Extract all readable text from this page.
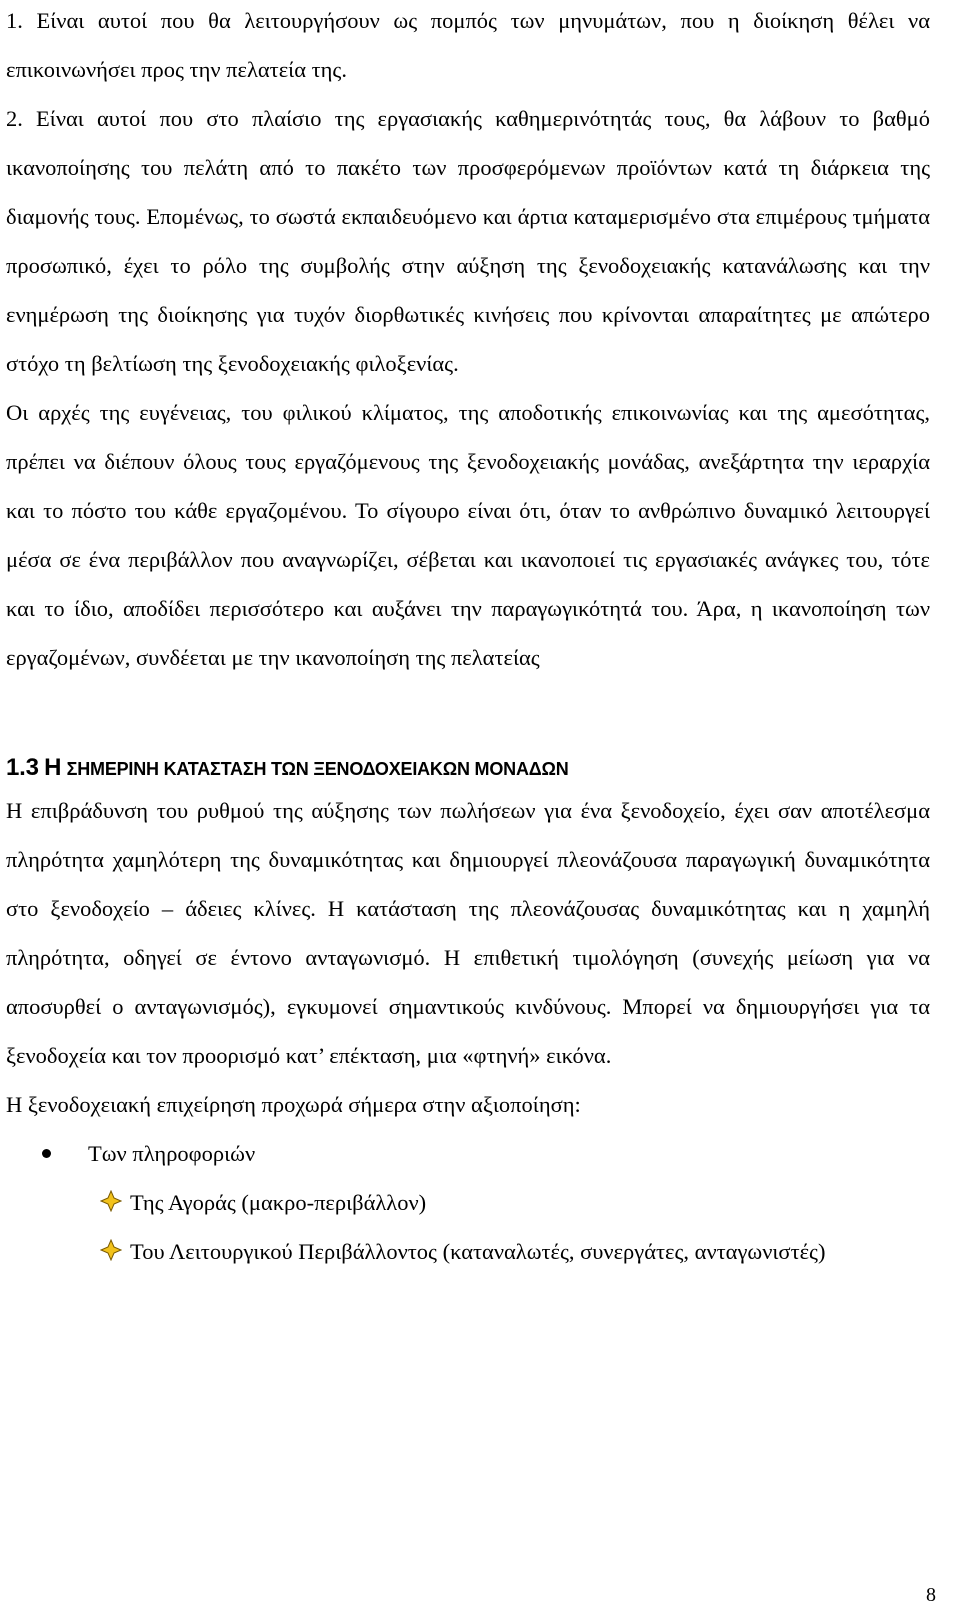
1. Είναι αυτοί που θα λειτουργήσουν ως πομπός των μηνυμάτων, που η διοίκηση θέλει να επικοινωνήσει προς την πελατεία της.

2. Είναι αυτοί που στο πλαίσιο της εργασιακής καθημερινότητάς τους, θα λάβουν το βαθμό ικανοποίησης του πελάτη από το πακέτο των προσφερόμενων προϊόντων κατά τη διάρκεια της διαμονής τους. Επομένως, το σωστά εκπαιδευόμενο και άρτια καταμερισμένο στα επιμέρους τμήματα προσωπικό, έχει το ρόλο της συμβολής στην αύξηση της ξενοδοχειακής κατανάλωσης και την ενημέρωση της διοίκησης για τυχόν διορθωτικές κινήσεις που κρίνονται απαραίτητες με απώτερο στόχο τη βελτίωση της ξενοδοχειακής φιλοξενίας.

Οι αρχές της ευγένειας, του φιλικού κλίματος, της αποδοτικής επικοινωνίας και της αμεσότητας, πρέπει να διέπουν όλους τους εργαζόμενους της ξενοδοχειακής μονάδας, ανεξάρτητα την ιεραρχία και το πόστο του κάθε εργαζομένου. Το σίγουρο είναι ότι, όταν το ανθρώπινο δυναμικό λειτουργεί μέσα σε ένα περιβάλλον που αναγνωρίζει, σέβεται και ικανοποιεί τις εργασιακές ανάγκες του, τότε και το ίδιο, αποδίδει περισσότερο και αυξάνει την παραγωγικότητά του. Άρα, η ικανοποίηση των εργαζομένων, συνδέεται με την ικανοποίηση της πελατείας

1.3 Η ΣΗΜΕΡΙΝΗ ΚΑΤΑΣΤΑΣΗ ΤΩΝ ΞΕΝΟΔΟΧΕΙΑΚΩΝ ΜΟΝΑΔΩΝ

Η επιβράδυνση του ρυθμού της αύξησης των πωλήσεων για ένα ξενοδοχείο, έχει σαν αποτέλεσμα πληρότητα χαμηλότερη της δυναμικότητας και δημιουργεί πλεονάζουσα παραγωγική δυναμικότητα στο ξενοδοχείο – άδειες κλίνες. Η κατάσταση της πλεονάζουσας δυναμικότητας και η χαμηλή πληρότητα, οδηγεί σε έντονο ανταγωνισμό. Η επιθετική τιμολόγηση (συνεχής μείωση για να αποσυρθεί ο ανταγωνισμός), εγκυμονεί σημαντικούς κινδύνους. Μπορεί να δημιουργήσει για τα ξενοδοχεία και τον προορισμό κατ’ επέκταση, μια «φτηνή» εικόνα.

Η ξενοδοχειακή επιχείρηση προχωρά σήμερα στην αξιοποίηση:

Των πληροφοριών
Της Αγοράς (μακρο-περιβάλλον)
Του Λειτουργικού Περιβάλλοντος (καταναλωτές, συνεργάτες, ανταγωνιστές)
8
